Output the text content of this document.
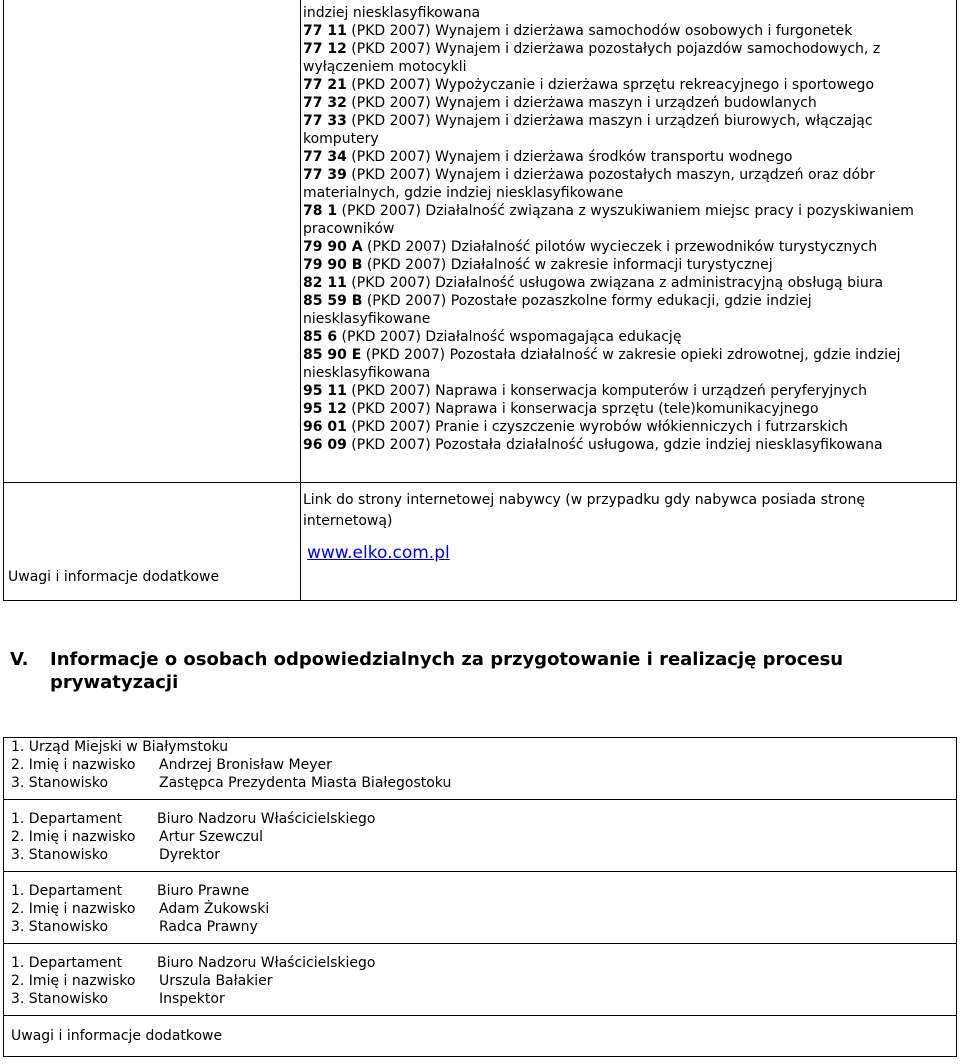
indziej niesklasyfikowana
77 11 (PKD 2007) Wynajem i dzierżawa samochodów osobowych i furgonetek
77 12 (PKD 2007) Wynajem i dzierżawa pozostałych pojazdów samochodowych, z
wyłączeniem motocykli
77 21 (PKD 2007) Wypożyczanie i dzierżawa sprzętu rekreacyjnego i sportowego
77 32 (PKD 2007) Wynajem i dzierżawa maszyn i urządzeń budowlanych
77 33 (PKD 2007) Wynajem i dzierżawa maszyn i urządzeń biurowych, włączając
komputery
77 34 (PKD 2007) Wynajem i dzierżawa środków transportu wodnego
77 39 (PKD 2007) Wynajem i dzierżawa pozostałych maszyn, urządzeń oraz dóbr
materialnych, gdzie indziej niesklasyfikowane
78 1 (PKD 2007) Działalność związana z wyszukiwaniem miejsc pracy i pozyskiwaniem
pracowników
79 90 A (PKD 2007) Działalność pilotów wycieczek i przewodników turystycznych
79 90 B (PKD 2007) Działalność w zakresie informacji turystycznej
82 11 (PKD 2007) Działalność usługowa związana z administracyjną obsługą biura
85 59 B (PKD 2007) Pozostałe pozaszkolne formy edukacji, gdzie indziej
niesklasyfikowane
85 6 (PKD 2007) Działalność wspomagająca edukację
85 90 E (PKD 2007) Pozostała działalność w zakresie opieki zdrowotnej, gdzie indziej
niesklasyfikowana
95 11 (PKD 2007) Naprawa i konserwacja komputerów i urządzeń peryferyjnych
95 12 (PKD 2007) Naprawa i konserwacja sprzętu (tele)komunikacyjnego
96 01 (PKD 2007) Pranie i czyszczenie wyrobów włókienniczych i futrzarskich
96 09 (PKD 2007) Pozostała działalność usługowa, gdzie indziej niesklasyfikowana
Uwagi i informacje dodatkowe
Link do strony internetowej nabywcy (w przypadku gdy nabywca posiada stronę internetową)
www.elko.com.pl
V. Informacje o osobach odpowiedzialnych za przygotowanie i realizację procesu prywatyzacji
1. Urząd Miejski w Białymstoku
2. Imię i nazwisko Andrzej Bronisław Meyer
3. Stanowisko	Zastępca Prezydenta Miasta Białegostoku
1. Departament Biuro Nadzoru Właścicielskiego
2. Imię i nazwisko Artur Szewczul
3. Stanowisko	Dyrektor
1. Departament Biuro Prawne
2. Imię i nazwisko Adam Żukowski
3. Stanowisko	Radca Prawny
1. Departament Biuro Nadzoru Właścicielskiego
2. Imię i nazwisko Urszula Bałakier
3. Stanowisko	Inspektor
Uwagi i informacje dodatkowe
